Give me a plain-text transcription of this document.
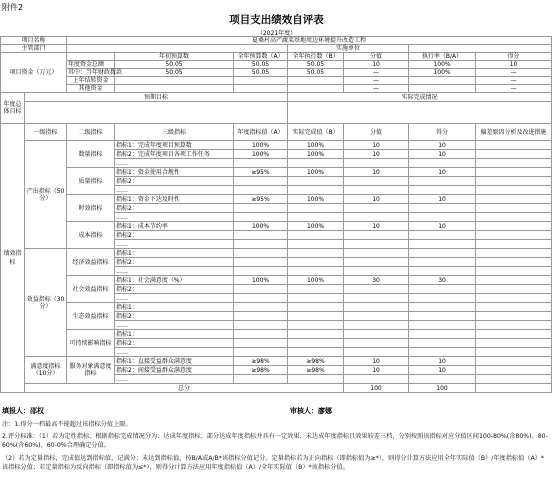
附件2
项目支出绩效自评表
（2021年度）
项目名称		夏桑村高产蔬菜基地周边环境提升改造工程						
主管部门					实施单位			
项目资金（万元）			年初预算数	全年预算数（A）	全年执行数（B）	分值	执行率（B/A）	得分
		年度资金总额	50.05	50.05	50.05	10	100%	10
		其中：当年财政拨款	50.05	50.05	50.05	—	100%	—
		上年结转资金				—		—
		其他资金				—		—
年度总体目标	预期目标				实际完成情况			

绩效指标	一级指标	二级指标	三级指标	年度指标值（A）	实际完成值（B）	分值	得分	偏差原因分析及改进措施
	产出指标（50分）	数量指标	指标1：完成年度项目预算数	100%	100%	10	10	
			指标2：完成年度项目各项工作任务	100%	100%	10	10	
			……					
		质量指标	指标1：资金使用合规性	≥95%	100%	10	10	
			指标2：					
			……					
		时效指标	指标1：资金下达及时性	≥95%	100%	10	10	
			指标2：					
			……					
		成本指标	指标1：成本节约率	100%	100%	10	10	
			指标2：					
			……					
	效益指标（30分）	经济效益指标	指标1：					
			指标2：					
			……					
		社会效益指标	指标1：社会满意度（%）	100%	100%	30	30	
			指标2：					
			……					
		生态效益指标	指标1：					
			指标2：					
			……					
		可持续影响指标	指标1：					
			指标2：					
			……					
	满意度指标（10分）	服务对象满意度指标	指标1：直接受益群众满意度	≥98%	≥98%	10	10	
			指标2：间接受益群众满意度	≥98%	≥98%	10	10	
			……					
	总分					100	100	
填报人：邵权	审核人：廖娜
注：1.得分一档最高不能超过该指标分值上限。
2.评分标准：（1）若为定性指标，根据指标完成情况分为：达成年度指标、部分达成年度指标并具有一定效果、未达成年度指标且效果较差三档，分别按照该指标对应分值区间100-80%(含80%)、80-60%(含60%)、60-0%合理确定分值。
（2）若为定量指标，完成值达到指标值，记满分；未达到指标值，按B/A或A/B*该指标分值记分。定量指标若为正向指标（即指标值为≥*），则得分计算方法应用全年实际值（B）/年度指标值（A）*该指标分值；若定量指标为反向指标（即指标值为≤*），则得分计算方法应用年度指标值（A）/全年实际值（B）*该指标分值。
